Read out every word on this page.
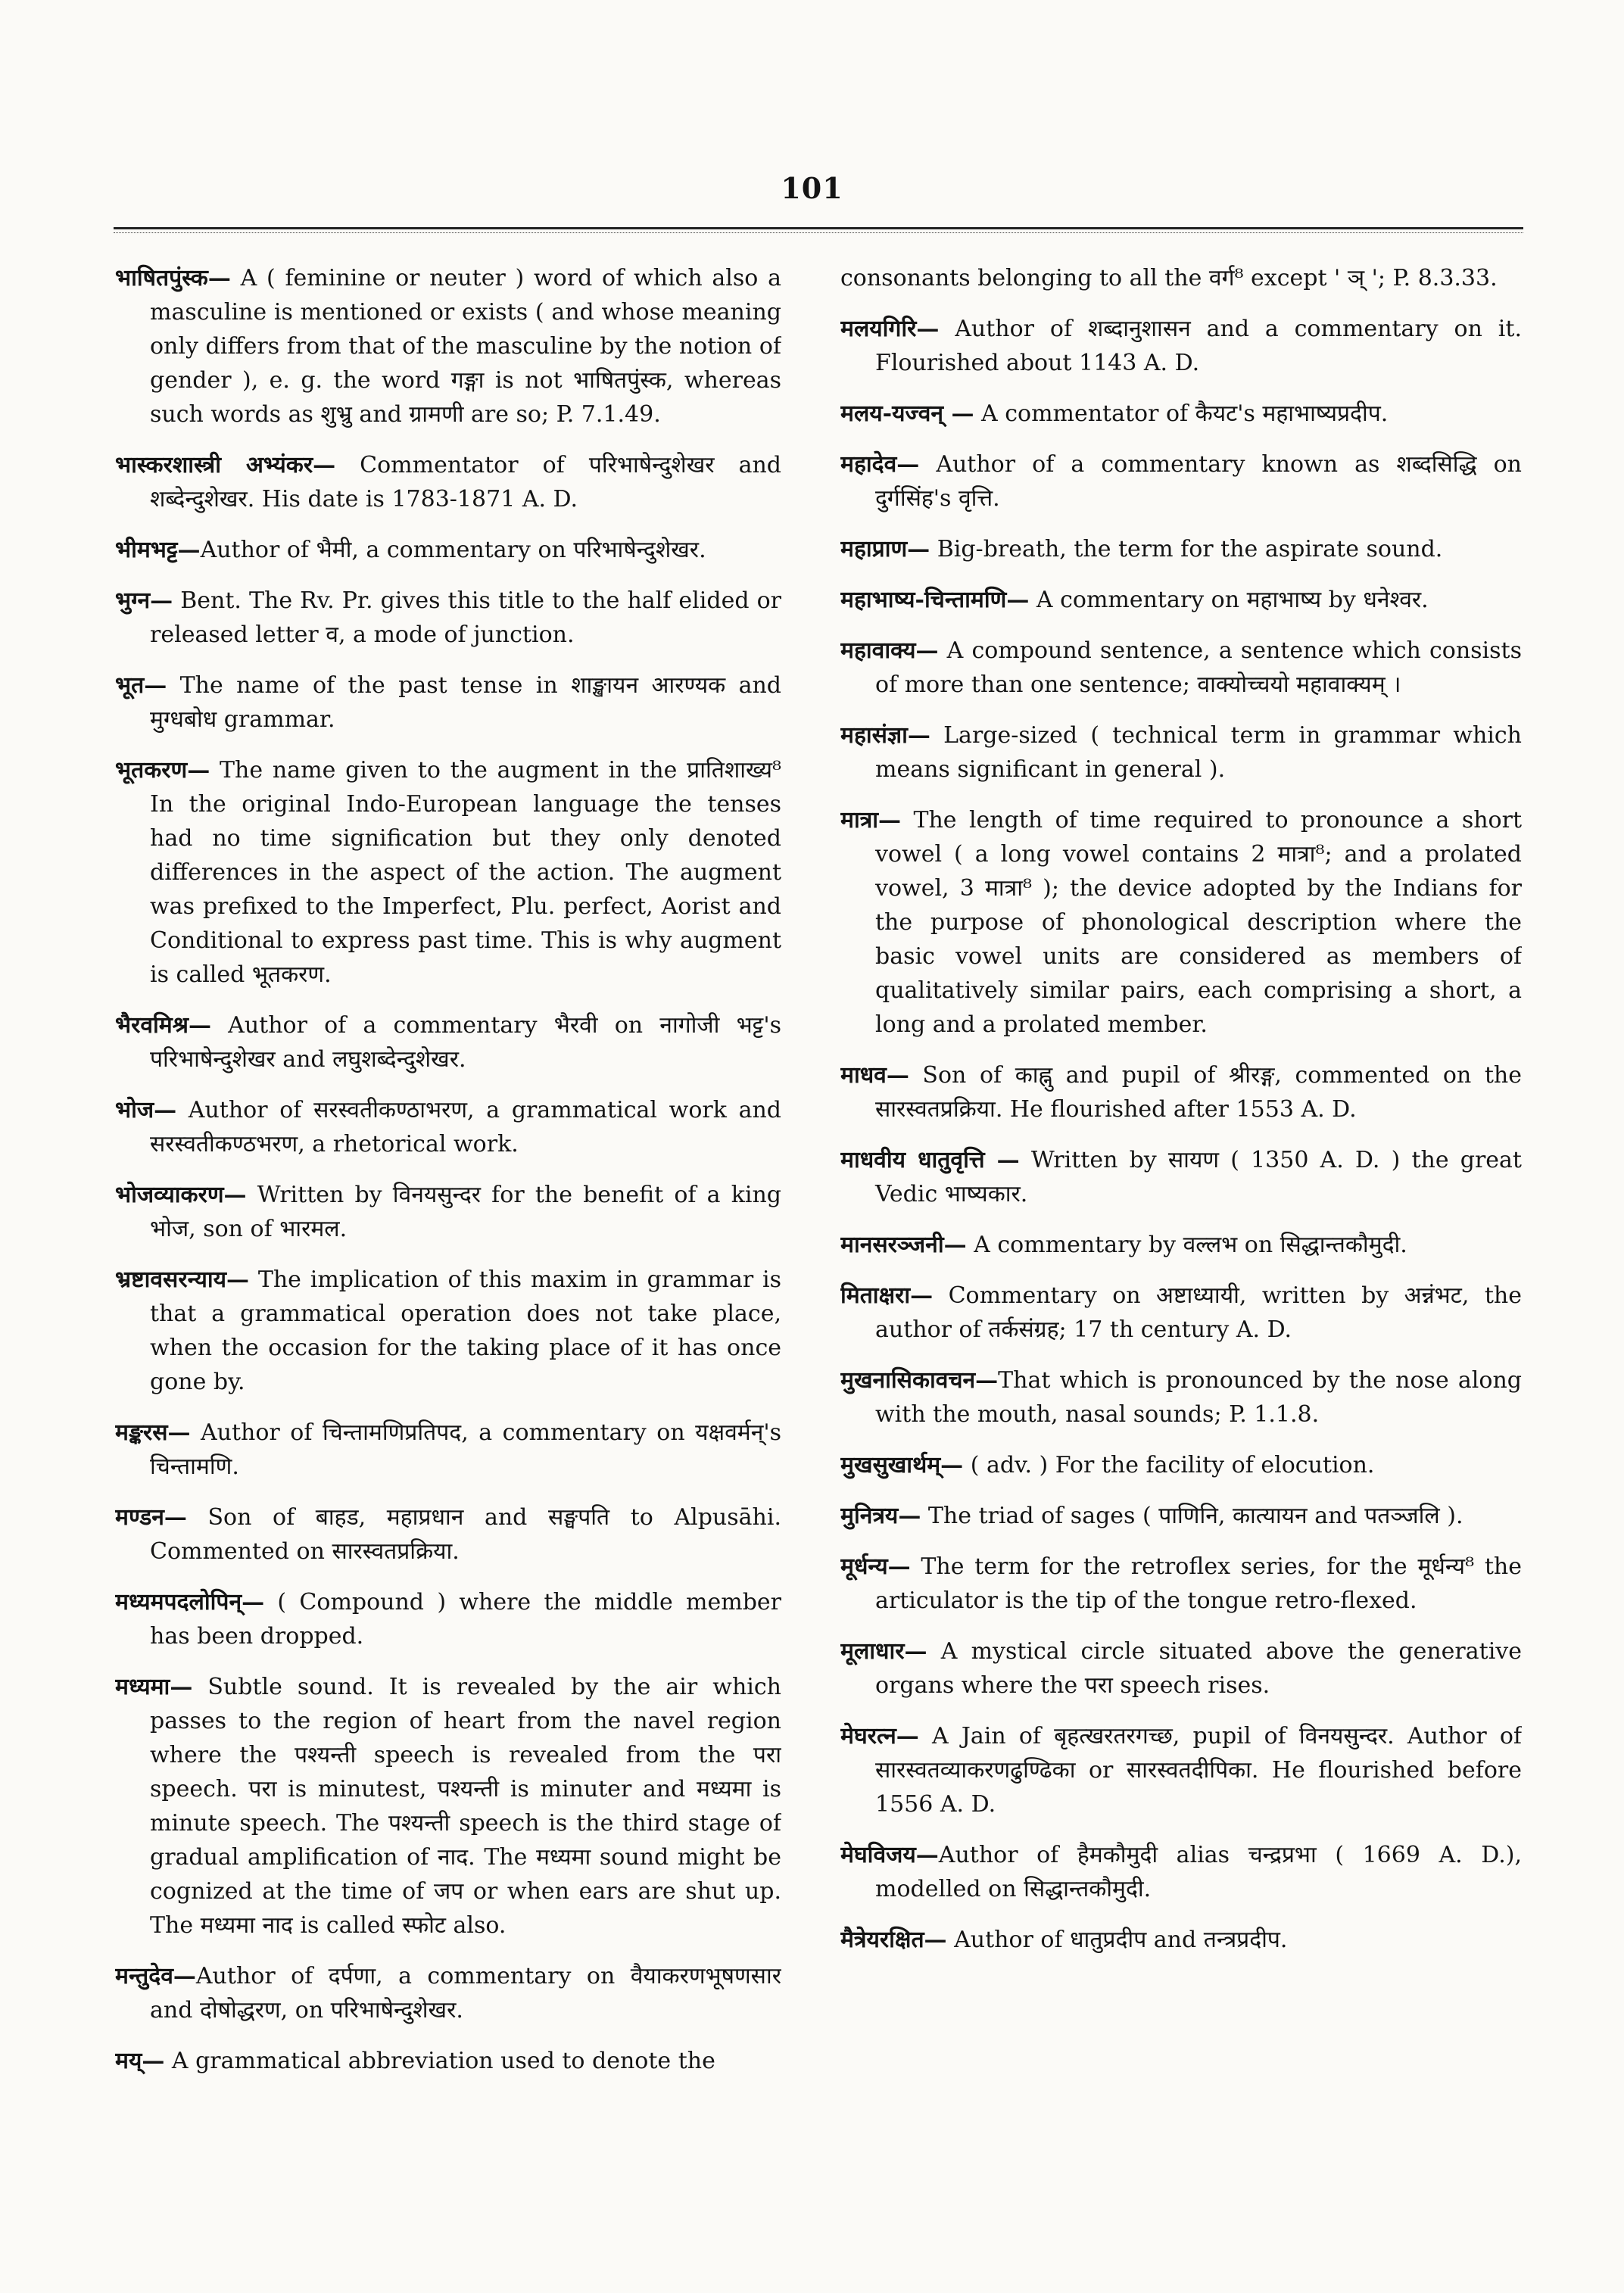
101

भाषितपुंस्क— A ( feminine or neuter ) word of which also a masculine is mentioned or exists ( and whose meaning only differs from that of the masculine by the notion of gender ), e. g. the word गङ्गा is not भाषितपुंस्क, whereas such words as शुभ्रु and ग्रामणी are so; P. 7.1.49.

भास्करशास्त्री अभ्यंकर— Commentator of परिभाषेन्दुशेखर and शब्देन्दुशेखर. His date is 1783-1871 A. D.

भीमभट्ट—Author of भैमी, a commentary on परिभाषेन्दुशेखर.

भुग्न— Bent. The Rv. Pr. gives this title to the half elided or released letter व, a mode of junction.

भूत— The name of the past tense in शाङ्खायन आरण्यक and मुग्धबोध grammar.

भूतकरण— The name given to the augment in the प्रातिशाख्य⁸ In the original Indo-European language the tenses had no time signification but they only denoted differences in the aspect of the action. The augment was prefixed to the Imperfect, Plu. perfect, Aorist and Conditional to express past time. This is why augment is called भूतकरण.

भैरवमिश्र— Author of a commentary भैरवी on नागोजी भट्ट's परिभाषेन्दुशेखर and लघुशब्देन्दुशेखर.

भोज— Author of सरस्वतीकण्ठाभरण, a grammatical work and सरस्वतीकण्ठभरण, a rhetorical work.

भोजव्याकरण— Written by विनयसुन्दर for the benefit of a king भोज, son of भारमल.

भ्रष्टावसरन्याय— The implication of this maxim in grammar is that a grammatical operation does not take place, when the occasion for the taking place of it has once gone by.

मङ्करस— Author of चिन्तामणिप्रतिपद, a commentary on यक्षवर्मन्'s चिन्तामणि.

मण्डन— Son of बाहड, महाप्रधान and सङ्घपति to Alpusāhi. Commented on सारस्वतप्रक्रिया.

मध्यमपदलोपिन्— ( Compound ) where the middle member has been dropped.

मध्यमा— Subtle sound. It is revealed by the air which passes to the region of heart from the navel region where the पश्यन्ती speech is revealed from the परा speech. परा is minutest, पश्यन्ती is minuter and मध्यमा is minute speech. The पश्यन्ती speech is the third stage of gradual amplification of नाद. The मध्यमा sound might be cognized at the time of जप or when ears are shut up. The मध्यमा नाद is called स्फोट also.

मन्तुदेव—Author of दर्पणा, a commentary on वैयाकरणभूषणसार and दोषोद्धरण, on परिभाषेन्दुशेखर.

मय्— A grammatical abbreviation used to denote the

consonants belonging to all the वर्ग⁸ except ' ञ् '; P. 8.3.33.

मलयगिरि— Author of शब्दानुशासन and a commentary on it. Flourished about 1143 A. D.

मलय-यज्वन् — A commentator of कैयट's महाभाष्यप्रदीप.

महादेव— Author of a commentary known as शब्दसिद्धि on दुर्गसिंह's वृत्ति.

महाप्राण— Big-breath, the term for the aspirate sound.

महाभाष्य-चिन्तामणि— A commentary on महाभाष्य by धनेश्वर.

महावाक्य— A compound sentence, a sentence which consists of more than one sentence; वाक्योच्चयो महावाक्यम् ।

महासंज्ञा— Large-sized ( technical term in grammar which means significant in general ).

मात्रा— The length of time required to pronounce a short vowel ( a long vowel contains 2 मात्रा⁸; and a prolated vowel, 3 मात्रा⁸ ); the device adopted by the Indians for the purpose of phonological description where the basic vowel units are considered as members of qualitatively similar pairs, each comprising a short, a long and a prolated member.

माधव— Son of काह्नु and pupil of श्रीरङ्ग, commented on the सारस्वतप्रक्रिया. He flourished after 1553 A. D.

माधवीय धातुवृत्ति — Written by सायण ( 1350 A. D. ) the great Vedic भाष्यकार.

मानसरञ्जनी— A commentary by वल्लभ on सिद्धान्तकौमुदी.

मिताक्षरा— Commentary on अष्टाध्यायी, written by अन्नंभट, the author of तर्कसंग्रह; 17 th century A. D.

मुखनासिकावचन—That which is pronounced by the nose along with the mouth, nasal sounds; P. 1.1.8.

मुखसुखार्थम्— ( adv. ) For the facility of elocution.

मुनित्रय— The triad of sages ( पाणिनि, कात्यायन and पतञ्जलि ).

मूर्धन्य— The term for the retroflex series, for the मूर्धन्य⁸ the articulator is the tip of the tongue retro-flexed.

मूलाधार— A mystical circle situated above the generative organs where the परा speech rises.

मेघरत्न— A Jain of बृहत्खरतरगच्छ, pupil of विनयसुन्दर. Author of सारस्वतव्याकरणढुण्ढिका or सारस्वतदीपिका. He flourished before 1556 A. D.

मेघविजय—Author of हैमकौमुदी alias चन्द्रप्रभा ( 1669 A. D.), modelled on सिद्धान्तकौमुदी.

मैत्रेयरक्षित— Author of धातुप्रदीप and तन्त्रप्रदीप.
